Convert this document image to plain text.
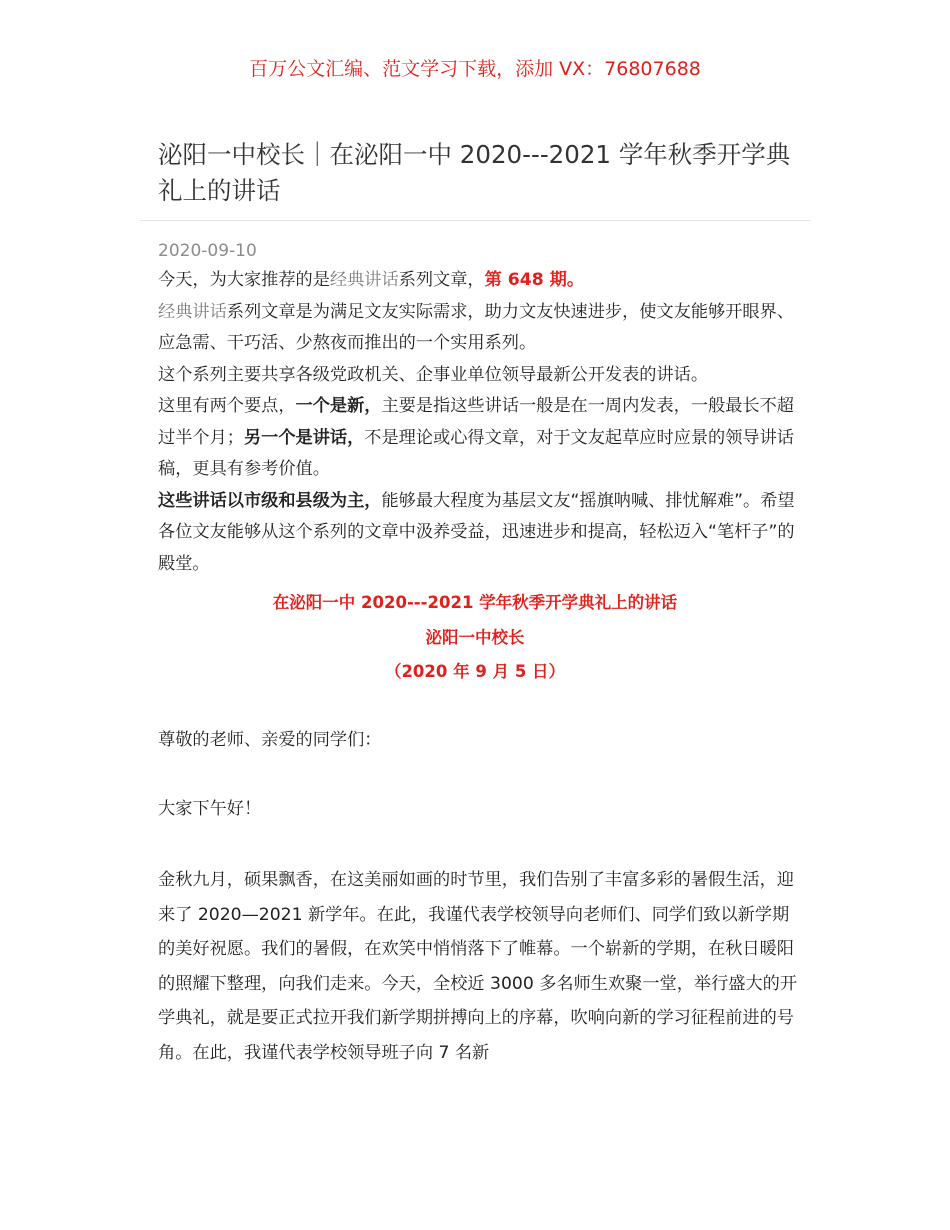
百万公文汇编、范文学习下载，添加 VX：76807688
泌阳一中校长｜在泌阳一中 2020---2021 学年秋季开学典礼上的讲话
2020-09-10

今天，为大家推荐的是经典讲话系列文章，第 648 期。

经典讲话系列文章是为满足文友实际需求，助力文友快速进步，使文友能够开眼界、应急需、干巧活、少熬夜而推出的一个实用系列。

这个系列主要共享各级党政机关、企事业单位领导最新公开发表的讲话。

这里有两个要点，一个是新，主要是指这些讲话一般是在一周内发表，一般最长不超过半个月；另一个是讲话，不是理论或心得文章，对于文友起草应时应景的领导讲话稿，更具有参考价值。

这些讲话以市级和县级为主，能够最大程度为基层文友“摇旗呐喊、排忧解难”。希望各位文友能够从这个系列的文章中汲养受益，迅速进步和提高，轻松迈入“笔杆子”的殿堂。

在泌阳一中 2020---2021 学年秋季开学典礼上的讲话
泌阳一中校长
（2020 年 9 月 5 日）

尊敬的老师、亲爱的同学们：

大家下午好！

金秋九月，硕果飘香，在这美丽如画的时节里，我们告别了丰富多彩的暑假生活，迎来了 2020—2021 新学年。在此，我谨代表学校领导向老师们、同学们致以新学期的美好祝愿。我们的暑假，在欢笑中悄悄落下了帷幕。一个崭新的学期，在秋日暖阳的照耀下整理，向我们走来。今天，全校近 3000 多名师生欢聚一堂，举行盛大的开学典礼，就是要正式拉开我们新学期拼搏向上的序幕，吹响向新的学习征程前进的号角。在此，我谨代表学校领导班子向 7 名新
